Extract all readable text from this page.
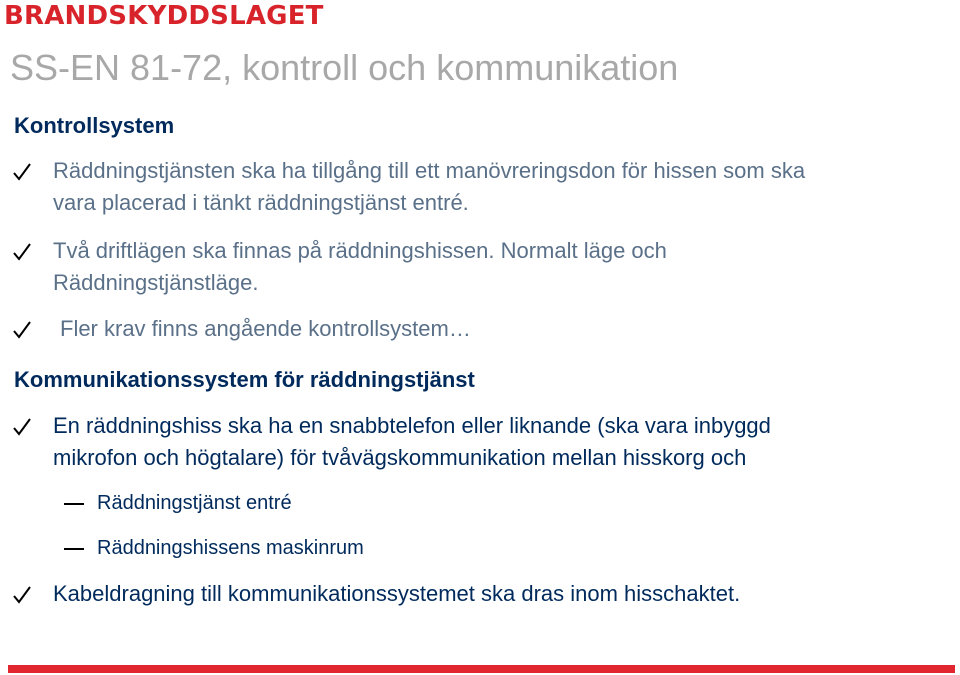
BRANDSKYDDSLAGET
SS-EN 81-72, kontroll och kommunikation
Kontrollsystem
Räddningstjänsten ska ha tillgång till ett manövreringsdon för hissen som ska
vara placerad i tänkt räddningstjänst entré.
Två driftlägen ska finnas på räddningshissen. Normalt läge och
Räddningstjänstläge.
Fler krav finns angående kontrollsystem…
Kommunikationssystem för räddningstjänst
En räddningshiss ska ha en snabbtelefon eller liknande (ska vara inbyggd
mikrofon och högtalare) för tvåvägskommunikation mellan hisskorg och
Räddningstjänst entré
Räddningshissens maskinrum
Kabeldragning till kommunikationssystemet ska dras inom hisschaktet.
